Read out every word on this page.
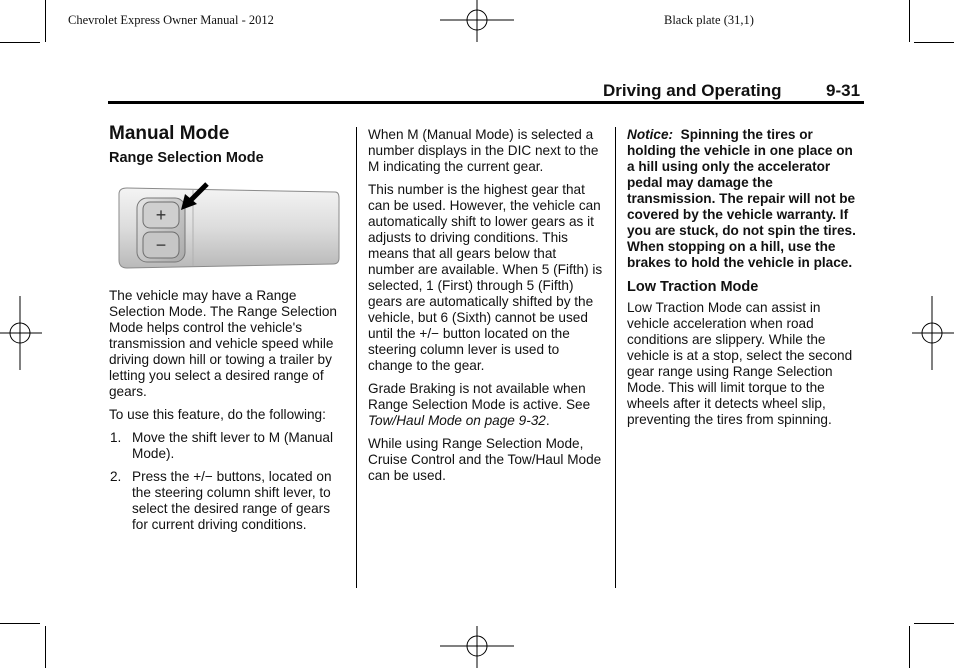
Chevrolet Express Owner Manual - 2012	Black plate (31,1)
Driving and Operating	9-31
Manual Mode
Range Selection Mode
+
−

The vehicle may have a Range Selection Mode. The Range Selection Mode helps control the vehicle's transmission and vehicle speed while driving down hill or towing a trailer by letting you select a desired range of gears.

To use this feature, do the following:

1. Move the shift lever to M (Manual Mode).
2. Press the +/− buttons, located on the steering column shift lever, to select the desired range of gears for current driving conditions.

When M (Manual Mode) is selected a number displays in the DIC next to the M indicating the current gear.

This number is the highest gear that can be used. However, the vehicle can automatically shift to lower gears as it adjusts to driving conditions. This means that all gears below that number are available. When 5 (Fifth) is selected, 1 (First) through 5 (Fifth) gears are automatically shifted by the vehicle, but 6 (Sixth) cannot be used until the +/− button located on the steering column lever is used to change to the gear.

Grade Braking is not available when Range Selection Mode is active. See Tow/Haul Mode on page 9-32.

While using Range Selection Mode, Cruise Control and the Tow/Haul Mode can be used.

Notice: Spinning the tires or holding the vehicle in one place on a hill using only the accelerator pedal may damage the transmission. The repair will not be covered by the vehicle warranty. If you are stuck, do not spin the tires. When stopping on a hill, use the brakes to hold the vehicle in place.

Low Traction Mode

Low Traction Mode can assist in vehicle acceleration when road conditions are slippery. While the vehicle is at a stop, select the second gear range using Range Selection Mode. This will limit torque to the wheels after it detects wheel slip, preventing the tires from spinning.
